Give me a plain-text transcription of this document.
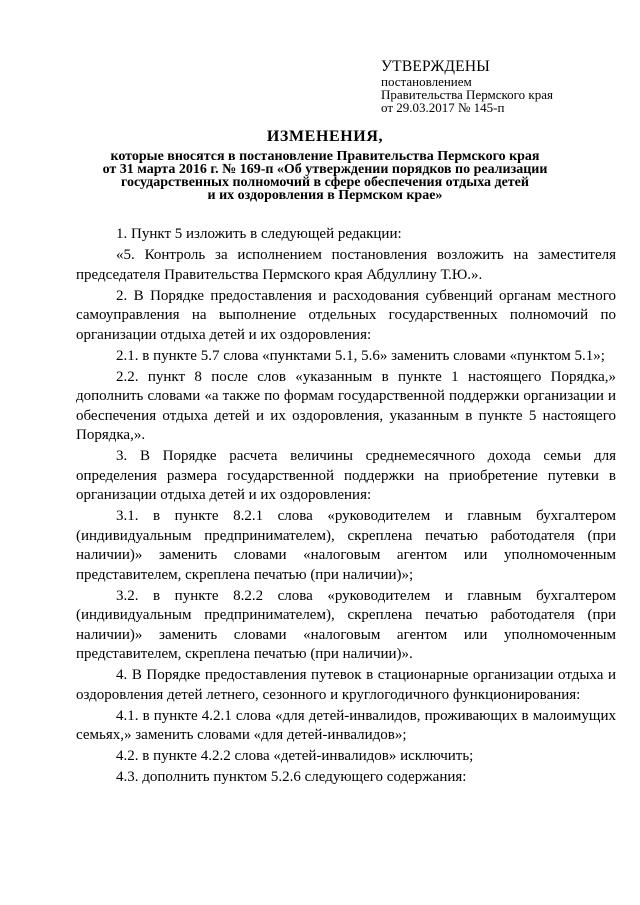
УТВЕРЖДЕНЫ
постановлением
Правительства Пермского края
от 29.03.2017 № 145-п
ИЗМЕНЕНИЯ,
которые вносятся в постановление Правительства Пермского края
от 31 марта 2016 г. № 169-п «Об утверждении порядков по реализации
государственных полномочий в сфере обеспечения отдыха детей
и их оздоровления в Пермском крае»

1. Пункт 5 изложить в следующей редакции:

«5. Контроль за исполнением постановления возложить на заместителя председателя Правительства Пермского края Абдуллину Т.Ю.».

2. В Порядке предоставления и расходования субвенций органам местного самоуправления на выполнение отдельных государственных полномочий по организации отдыха детей и их оздоровления:

2.1. в пункте 5.7 слова «пунктами 5.1, 5.6» заменить словами «пунктом 5.1»;

2.2. пункт 8 после слов «указанным в пункте 1 настоящего Порядка,» дополнить словами «а также по формам государственной поддержки организации и обеспечения отдыха детей и их оздоровления, указанным в пункте 5 настоящего Порядка,».

3. В Порядке расчета величины среднемесячного дохода семьи для определения размера государственной поддержки на приобретение путевки в организации отдыха детей и их оздоровления:

3.1. в пункте 8.2.1 слова «руководителем и главным бухгалтером (индивидуальным предпринимателем), скреплена печатью работодателя (при наличии)» заменить словами «налоговым агентом или уполномоченным представителем, скреплена печатью (при наличии)»;

3.2. в пункте 8.2.2 слова «руководителем и главным бухгалтером (индивидуальным предпринимателем), скреплена печатью работодателя (при наличии)» заменить словами «налоговым агентом или уполномоченным представителем, скреплена печатью (при наличии)».

4. В Порядке предоставления путевок в стационарные организации отдыха и оздоровления детей летнего, сезонного и круглогодичного функционирования:

4.1. в пункте 4.2.1 слова «для детей-инвалидов, проживающих в малоимущих семьях,» заменить словами «для детей-инвалидов»;

4.2. в пункте 4.2.2 слова «детей-инвалидов» исключить;

4.3. дополнить пунктом 5.2.6 следующего содержания:
